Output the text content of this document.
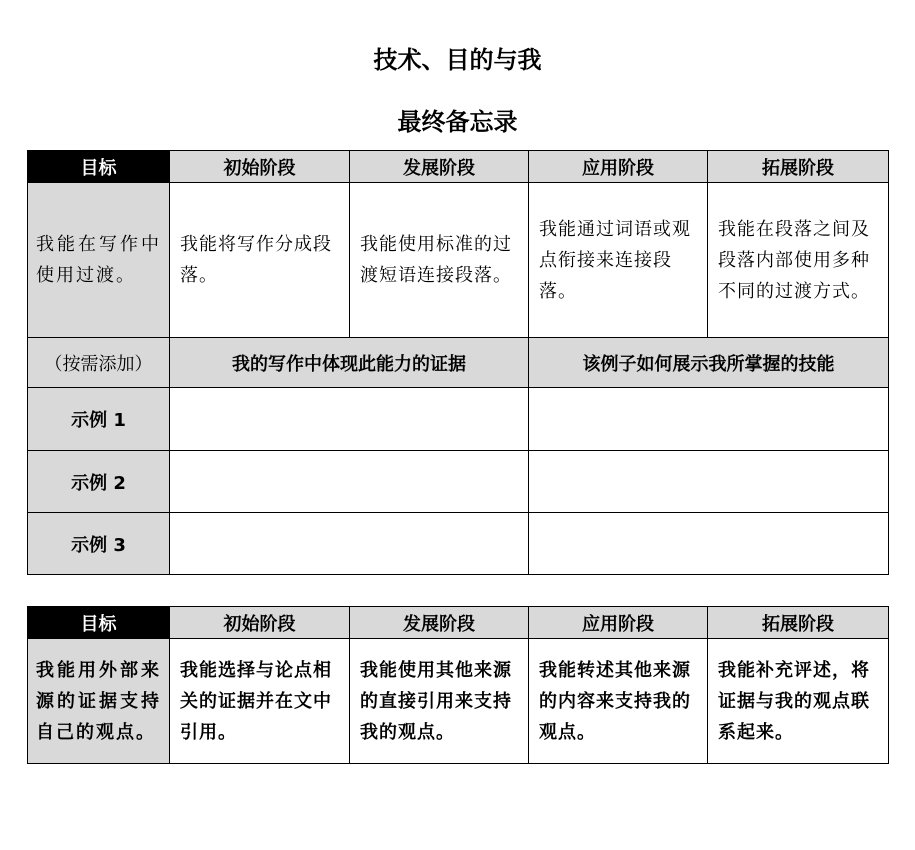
技术、目的与我
最终备忘录
目标	初始阶段	发展阶段	应用阶段	拓展阶段
我能在写作中使用过渡。	我能将写作分成段落。	我能使用标准的过渡短语连接段落。	我能通过词语或观点衔接来连接段落。	我能在段落之间及段落内部使用多种不同的过渡方式。
（按需添加）	我的写作中体现此能力的证据		该例子如何展示我所掌握的技能	
示例 1				
示例 2				
示例 3				
目标	初始阶段	发展阶段	应用阶段	拓展阶段
我能用外部来源的证据支持自己的观点。	我能选择与论点相关的证据并在文中引用。	我能使用其他来源的直接引用来支持我的观点。	我能转述其他来源的内容来支持我的观点。	我能补充评述，将证据与我的观点联系起来。
